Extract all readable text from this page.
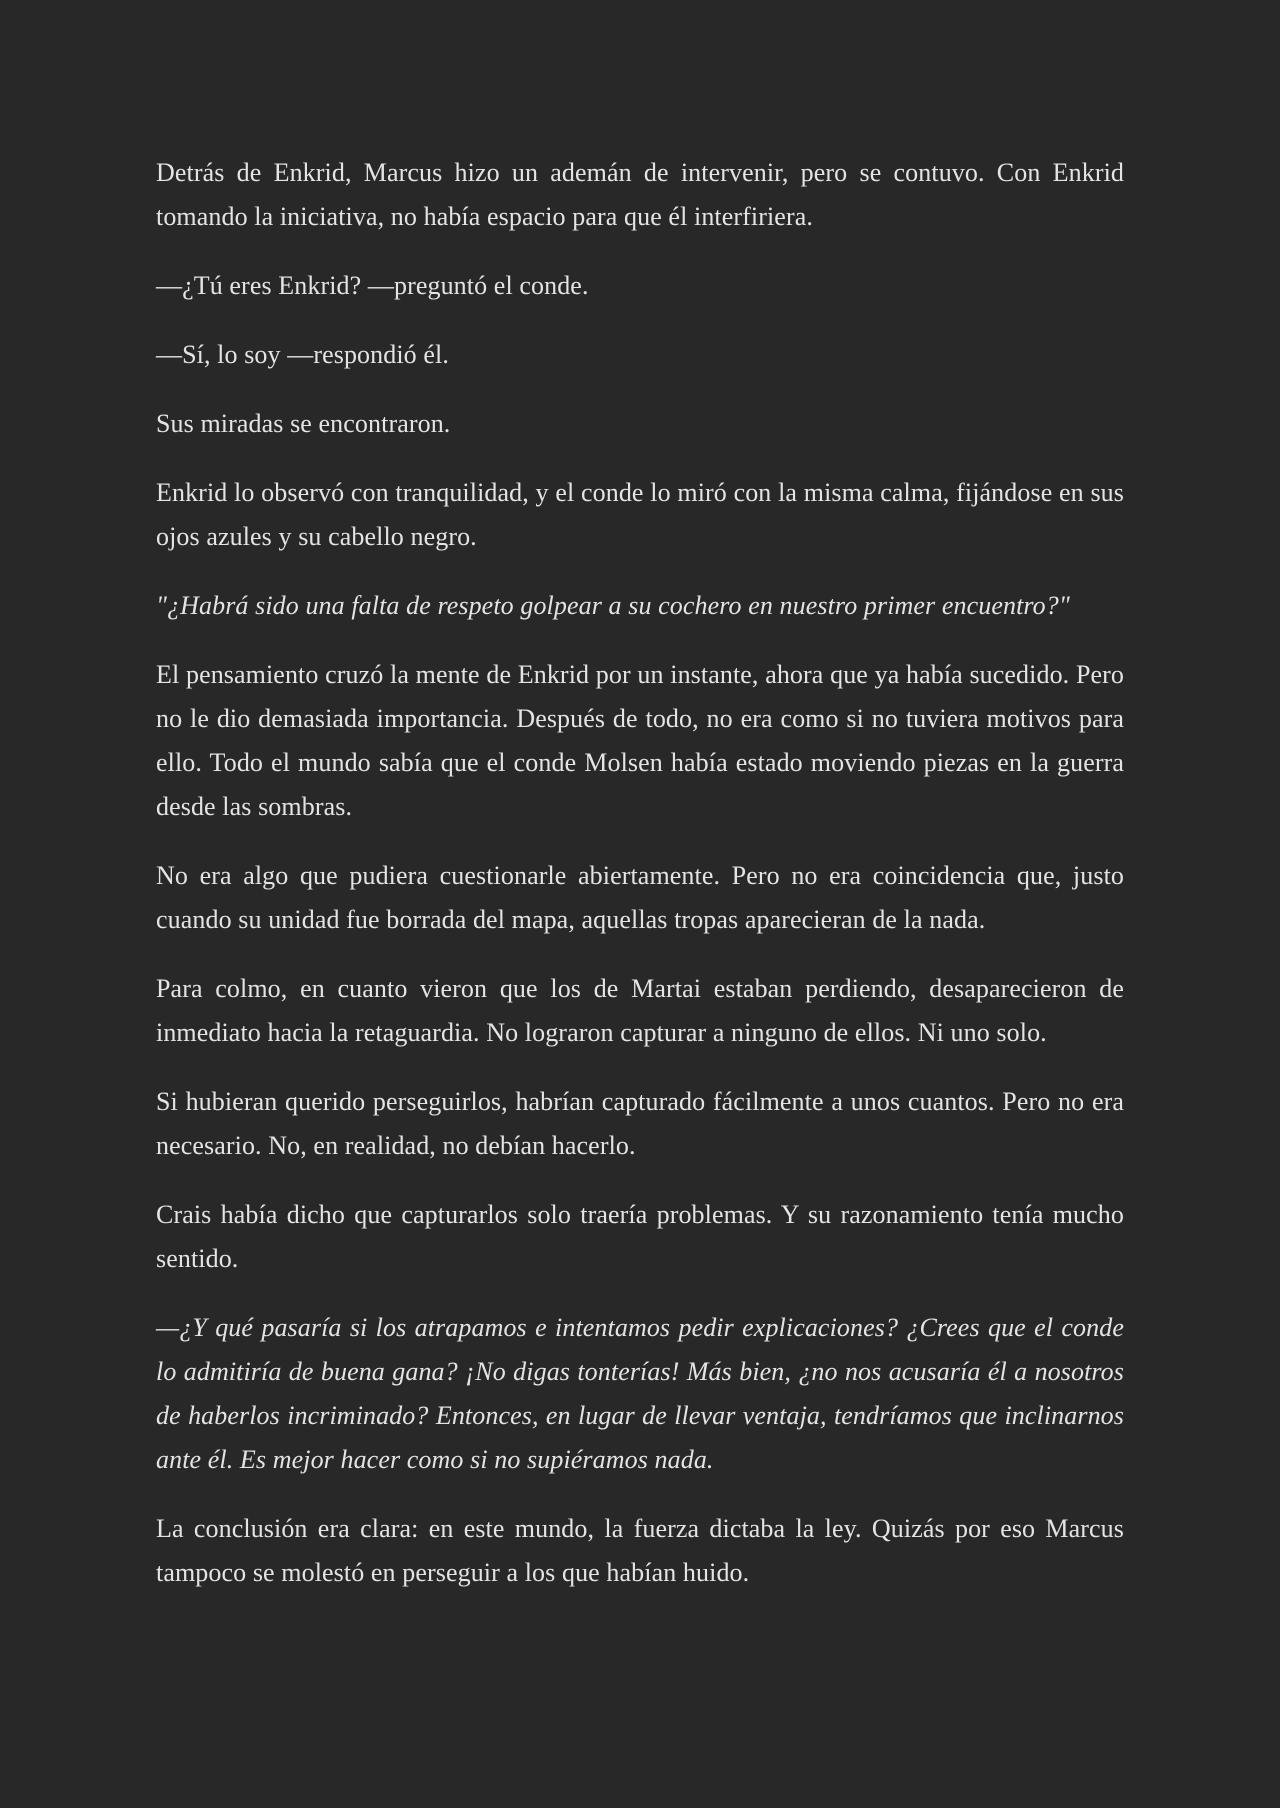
Detrás de Enkrid, Marcus hizo un ademán de intervenir, pero se contuvo. Con Enkrid tomando la iniciativa, no había espacio para que él interfiriera.

—¿Tú eres Enkrid? —preguntó el conde.

—Sí, lo soy —respondió él.

Sus miradas se encontraron.

Enkrid lo observó con tranquilidad, y el conde lo miró con la misma calma, fijándose en sus ojos azules y su cabello negro.

"¿Habrá sido una falta de respeto golpear a su cochero en nuestro primer encuentro?"

El pensamiento cruzó la mente de Enkrid por un instante, ahora que ya había sucedido. Pero no le dio demasiada importancia. Después de todo, no era como si no tuviera motivos para ello. Todo el mundo sabía que el conde Molsen había estado moviendo piezas en la guerra desde las sombras.

No era algo que pudiera cuestionarle abiertamente. Pero no era coincidencia que, justo cuando su unidad fue borrada del mapa, aquellas tropas aparecieran de la nada.

Para colmo, en cuanto vieron que los de Martai estaban perdiendo, desaparecieron de inmediato hacia la retaguardia. No lograron capturar a ninguno de ellos. Ni uno solo.

Si hubieran querido perseguirlos, habrían capturado fácilmente a unos cuantos. Pero no era necesario. No, en realidad, no debían hacerlo.

Crais había dicho que capturarlos solo traería problemas. Y su razonamiento tenía mucho sentido.

—¿Y qué pasaría si los atrapamos e intentamos pedir explicaciones? ¿Crees que el conde lo admitiría de buena gana? ¡No digas tonterías! Más bien, ¿no nos acusaría él a nosotros de haberlos incriminado? Entonces, en lugar de llevar ventaja, tendríamos que inclinarnos ante él. Es mejor hacer como si no supiéramos nada.

La conclusión era clara: en este mundo, la fuerza dictaba la ley. Quizás por eso Marcus tampoco se molestó en perseguir a los que habían huido.
